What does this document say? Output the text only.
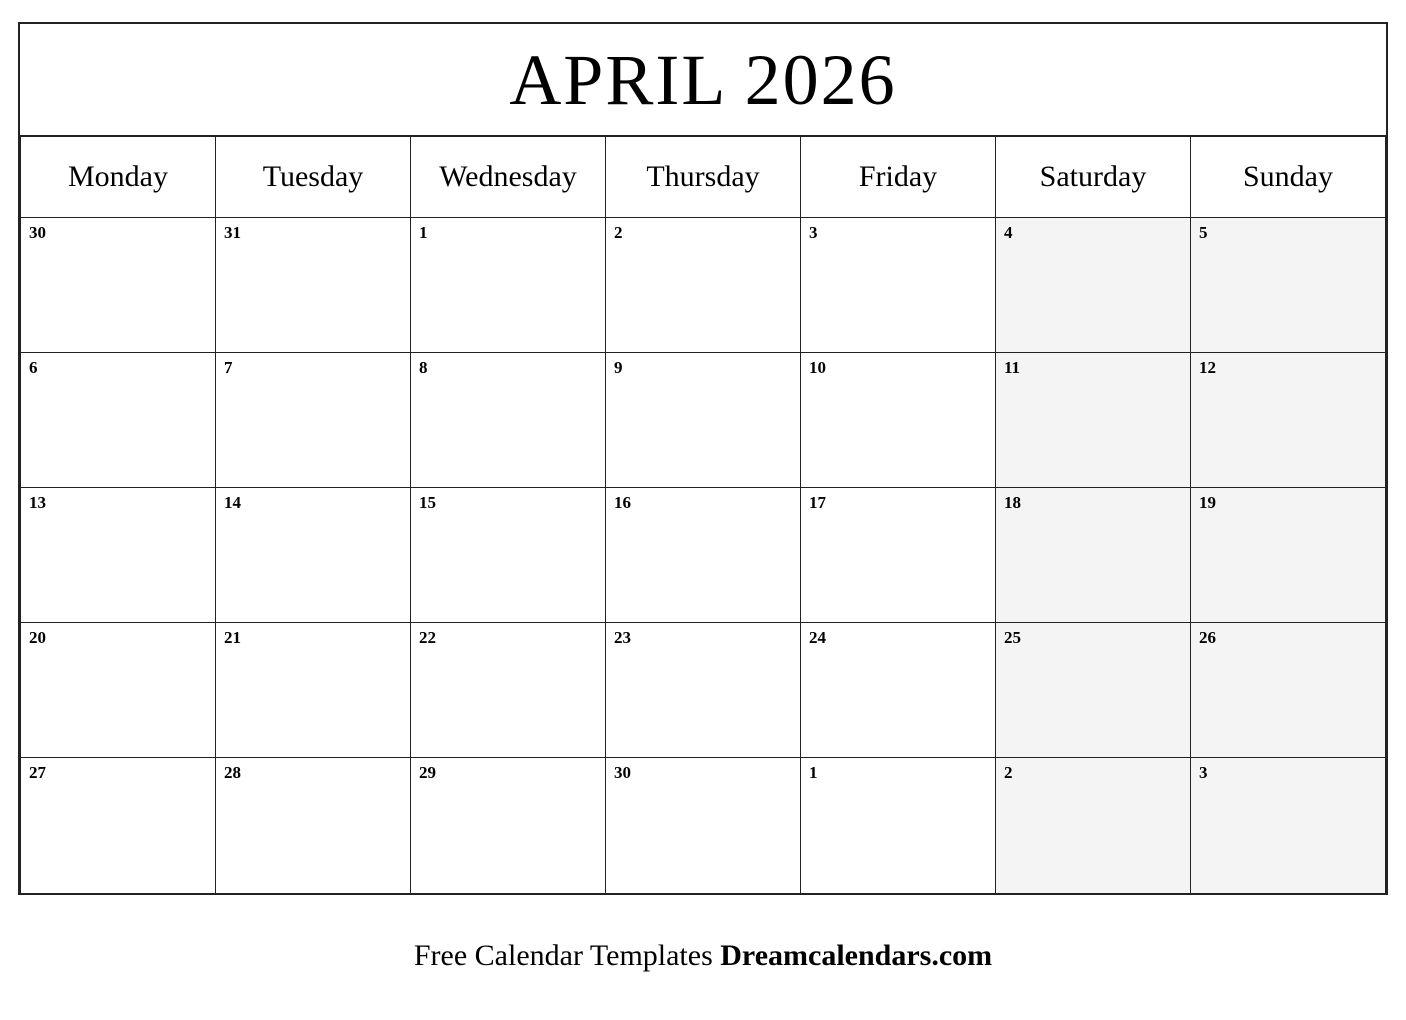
APRIL 2026
Monday	Tuesday	Wednesday	Thursday	Friday	Saturday	Sunday
30	31	1	2	3	4	5
6	7	8	9	10	11	12
13	14	15	16	17	18	19
20	21	22	23	24	25	26
27	28	29	30	1	2	3
Free Calendar Templates Dreamcalendars.com
